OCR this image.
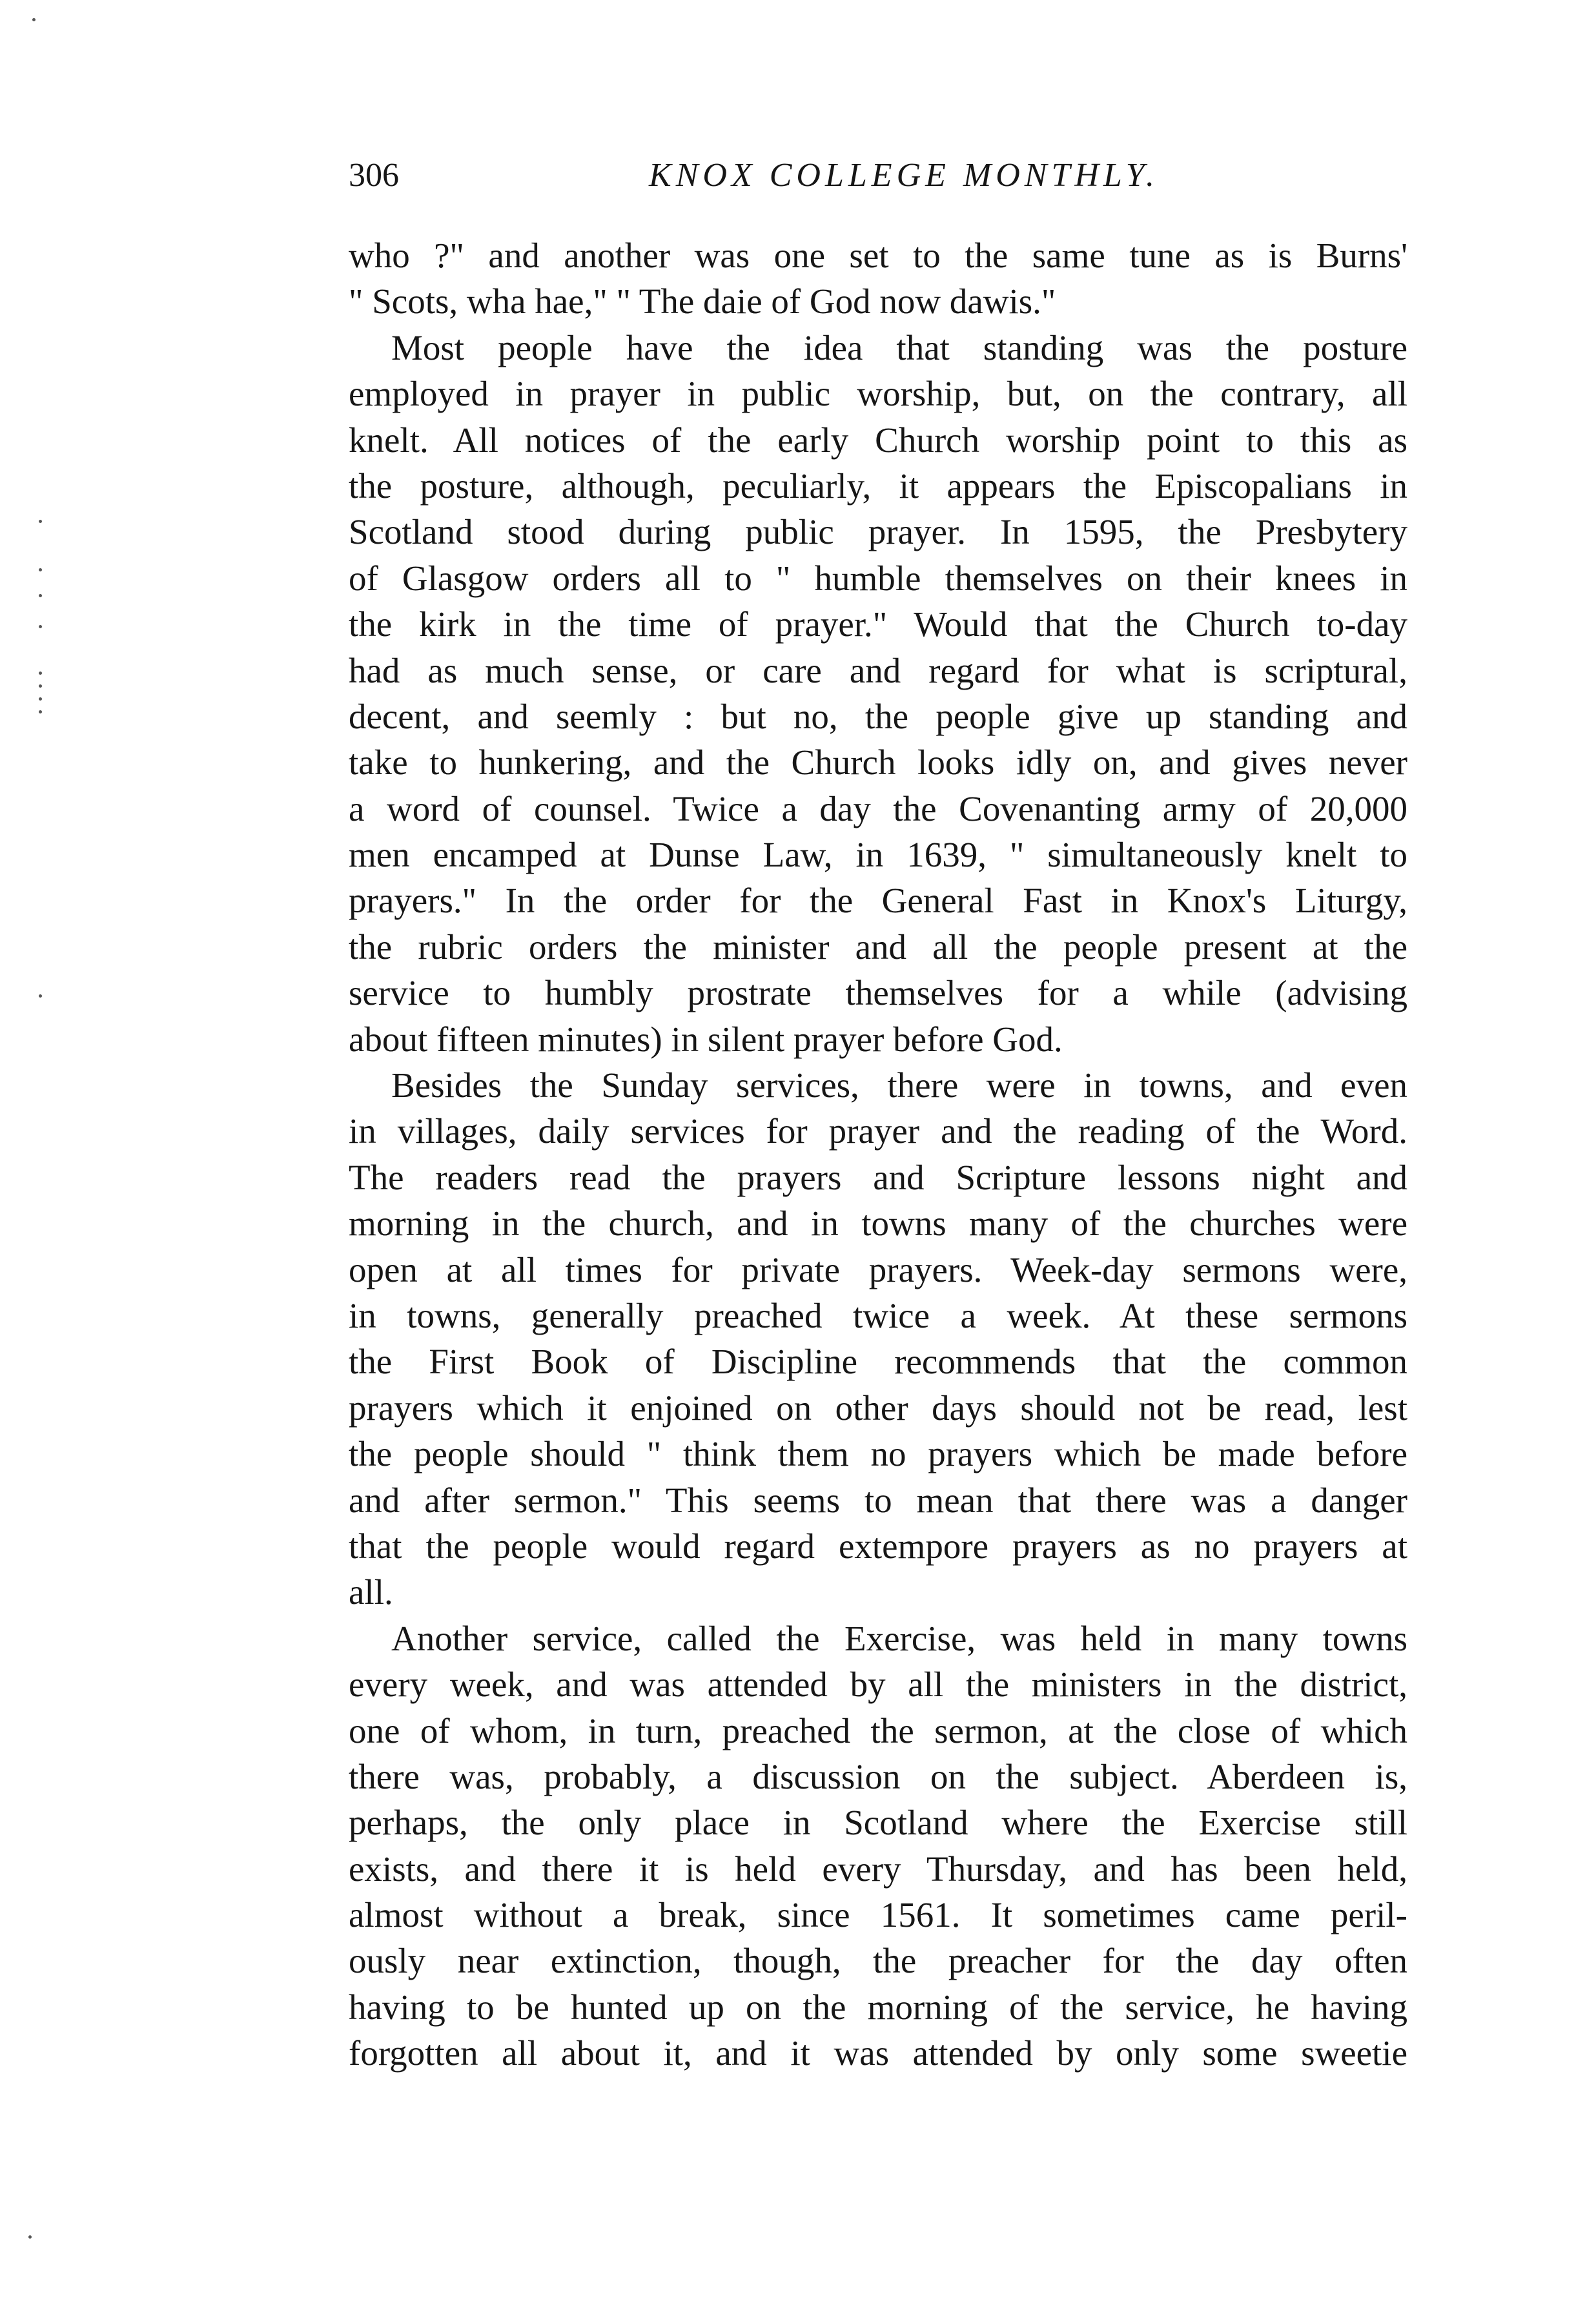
306	KNOX COLLEGE MONTHLY.
who ?" and another was one set to the same tune as is Burns'
" Scots, wha hae," " The daie of God now dawis."
Most people have the idea that standing was the posture
employed in prayer in public worship, but, on the contrary, all
knelt. All notices of the early Church worship point to this as
the posture, although, peculiarly, it appears the Episcopalians in
Scotland stood during public prayer. In 1595, the Presbytery
of Glasgow orders all to " humble themselves on their knees in
the kirk in the time of prayer." Would that the Church to-day
had as much sense, or care and regard for what is scriptural,
decent, and seemly : but no, the people give up standing and
take to hunkering, and the Church looks idly on, and gives never
a word of counsel. Twice a day the Covenanting army of 20,000
men encamped at Dunse Law, in 1639, " simultaneously knelt to
prayers." In the order for the General Fast in Knox's Liturgy,
the rubric orders the minister and all the people present at the
service to humbly prostrate themselves for a while (advising
about fifteen minutes) in silent prayer before God.
Besides the Sunday services, there were in towns, and even
in villages, daily services for prayer and the reading of the Word.
The readers read the prayers and Scripture lessons night and
morning in the church, and in towns many of the churches were
open at all times for private prayers. Week-day sermons were,
in towns, generally preached twice a week. At these sermons
the First Book of Discipline recommends that the common
prayers which it enjoined on other days should not be read, lest
the people should " think them no prayers which be made before
and after sermon." This seems to mean that there was a danger
that the people would regard extempore prayers as no prayers at
all.
Another service, called the Exercise, was held in many towns
every week, and was attended by all the ministers in the district,
one of whom, in turn, preached the sermon, at the close of which
there was, probably, a discussion on the subject. Aberdeen is,
perhaps, the only place in Scotland where the Exercise still
exists, and there it is held every Thursday, and has been held,
almost without a break, since 1561. It sometimes came peril-
ously near extinction, though, the preacher for the day often
having to be hunted up on the morning of the service, he having
forgotten all about it, and it was attended by only some sweetie
